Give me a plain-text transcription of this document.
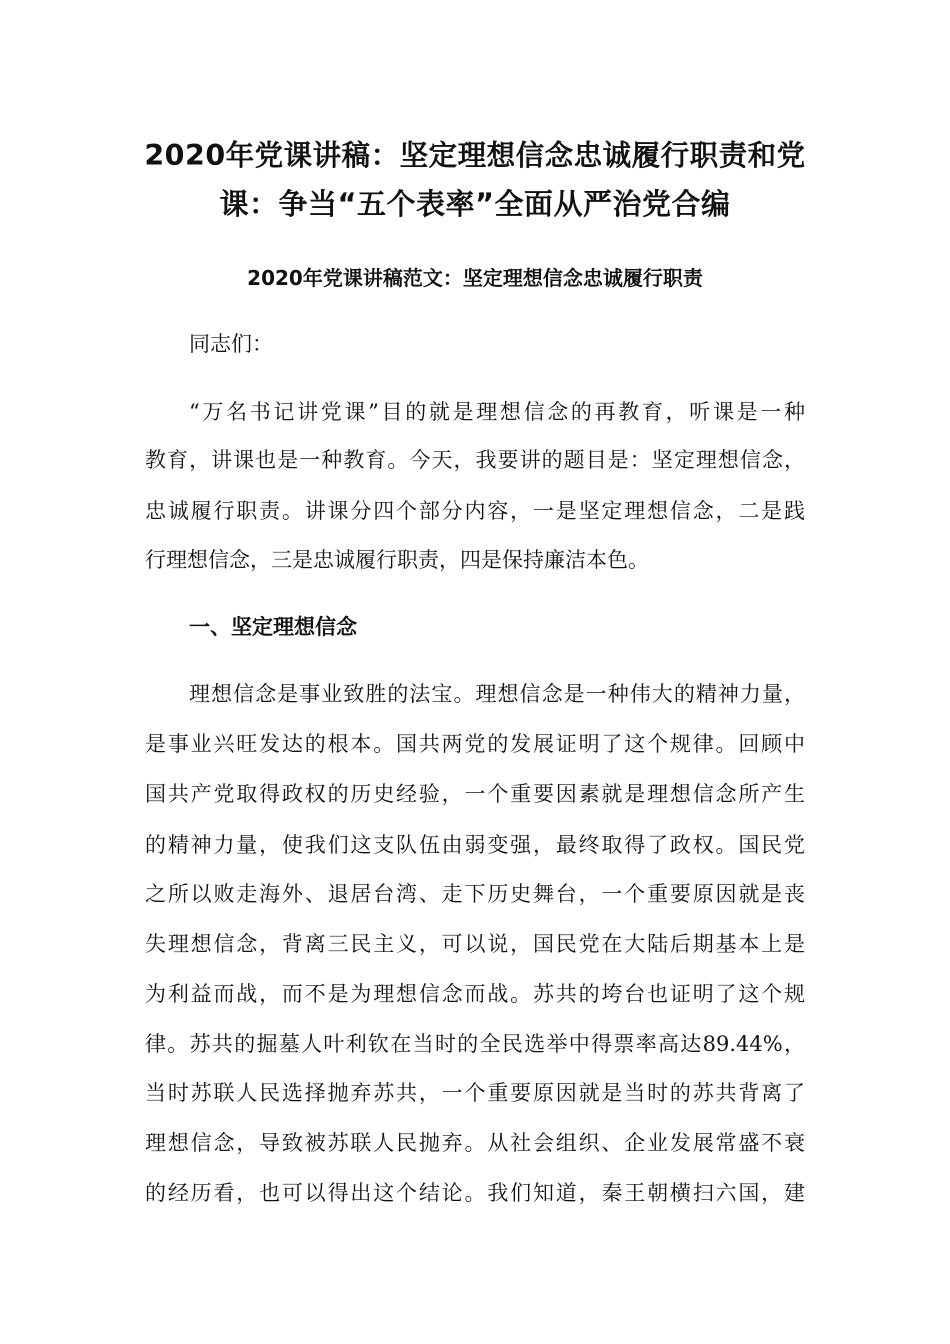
2020年党课讲稿：坚定理想信念忠诚履行职责和党
课：争当“五个表率”全面从严治党合编
2020年党课讲稿范文：坚定理想信念忠诚履行职责
同志们：
“万名书记讲党课”目的就是理想信念的再教育，听课是一种
教育，讲课也是一种教育。今天，我要讲的题目是：坚定理想信念，
忠诚履行职责。讲课分四个部分内容，一是坚定理想信念，二是践
行理想信念，三是忠诚履行职责，四是保持廉洁本色。
一、坚定理想信念
理想信念是事业致胜的法宝。理想信念是一种伟大的精神力量，
是事业兴旺发达的根本。国共两党的发展证明了这个规律。回顾中
国共产党取得政权的历史经验，一个重要因素就是理想信念所产生
的精神力量，使我们这支队伍由弱变强，最终取得了政权。国民党
之所以败走海外、退居台湾、走下历史舞台，一个重要原因就是丧
失理想信念，背离三民主义，可以说，国民党在大陆后期基本上是
为利益而战，而不是为理想信念而战。苏共的垮台也证明了这个规
律。苏共的掘墓人叶利钦在当时的全民选举中得票率高达89.44%，
当时苏联人民选择抛弃苏共，一个重要原因就是当时的苏共背离了
理想信念，导致被苏联人民抛弃。从社会组织、企业发展常盛不衰
的经历看，也可以得出这个结论。我们知道，秦王朝横扫六国，建
